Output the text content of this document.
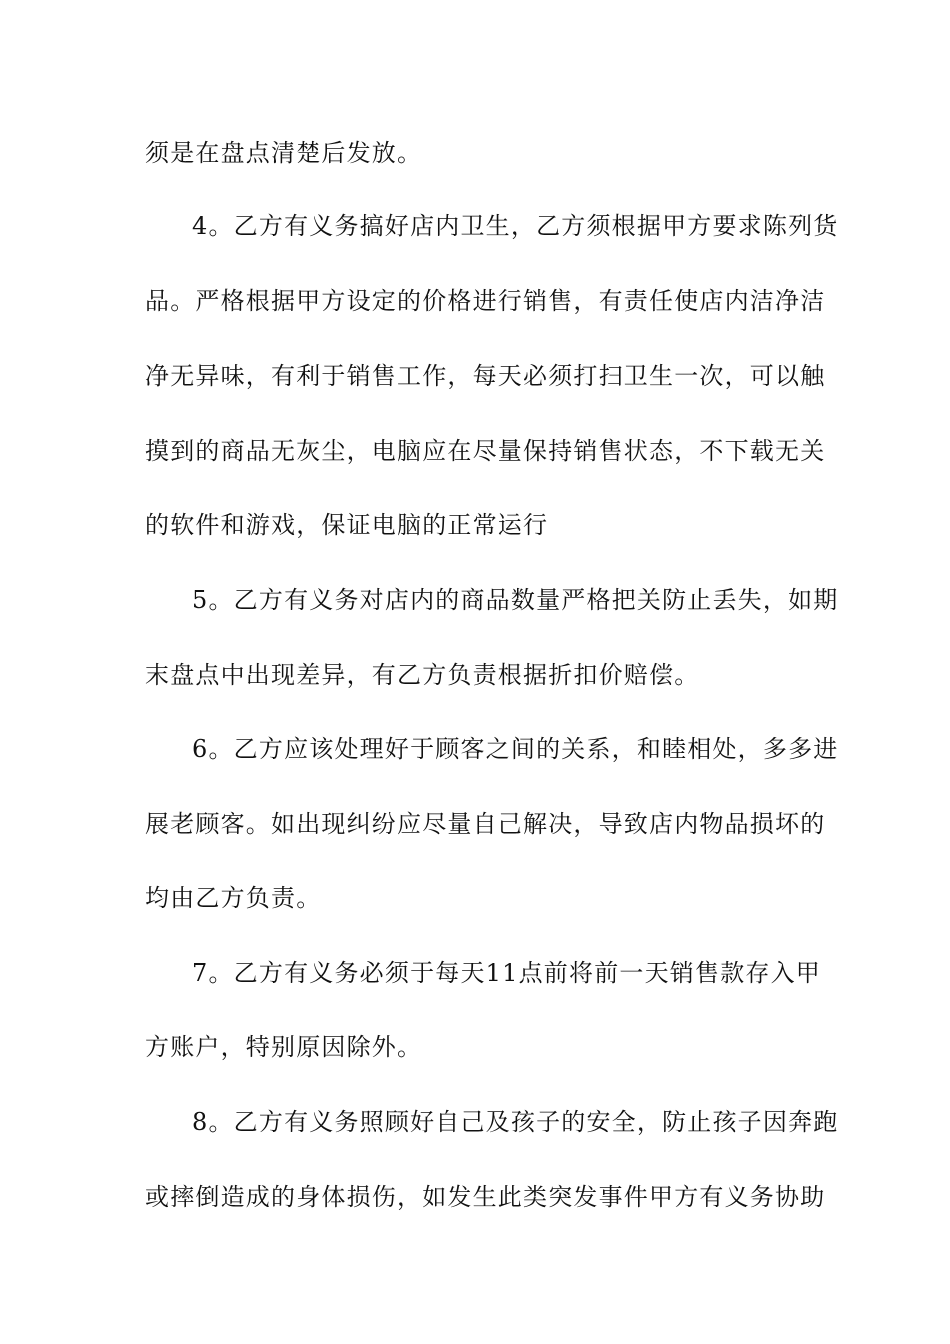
须是在盘点清楚后发放。
4。乙方有义务搞好店内卫生，乙方须根据甲方要求陈列货
品。严格根据甲方设定的价格进行销售，有责任使店内洁净洁
净无异味，有利于销售工作，每天必须打扫卫生一次，可以触
摸到的商品无灰尘，电脑应在尽量保持销售状态，不下载无关
的软件和游戏，保证电脑的正常运行
5。乙方有义务对店内的商品数量严格把关防止丢失，如期
末盘点中出现差异，有乙方负责根据折扣价赔偿。
6。乙方应该处理好于顾客之间的关系，和睦相处，多多进
展老顾客。如出现纠纷应尽量自己解决，导致店内物品损坏的
均由乙方负责。
7。乙方有义务必须于每天11点前将前一天销售款存入甲
方账户，特别原因除外。
8。乙方有义务照顾好自己及孩子的安全，防止孩子因奔跑
或摔倒造成的身体损伤，如发生此类突发事件甲方有义务协助
